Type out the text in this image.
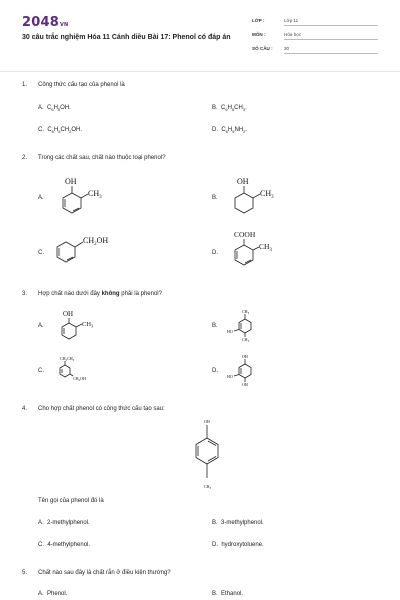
2048VN
30 câu trắc nghiệm Hóa 11 Cánh diều Bài 17: Phenol có đáp án
LỚP :	Lớp 11
MÔN :	Hóa học
SỐ CÂU : 30
1. Công thức cấu tạo của phenol là
A.  $C_6H_5OH$.	B.  $C_6H_5CH_3$.
C.  $C_6H_5CH_2OH$.	D.  $C_6H_5NH_2$.
2. Trong các chất sau, chất nào thuộc loại phenol?
A.
OH
$CH_3$	B.
OH
$CH_3$
C.
$CH_2OH$
D.
COOH
$CH_3$
3. Hợp chất nào dưới đây không phải là phenol?
A.
OH
$CH_3$	B.
$CH_3$
HO
$CH_3$
C.
$CH_2CH_3$
$CH_2OH$
D.
OH
HO
OH
4. Cho hợp chất phenol có công thức cấu tạo sau:
OH
$CH_3$
Tên gọi của phenol đó là
A. 2-methylphenol.	B. 3-methylphenol.
C. 4-methylphenol.	D. hydroxytoluene.
5. Chất nào sau đây là chất rắn ở điều kiện thường?
A. Phenol.	B. Ethanol.
